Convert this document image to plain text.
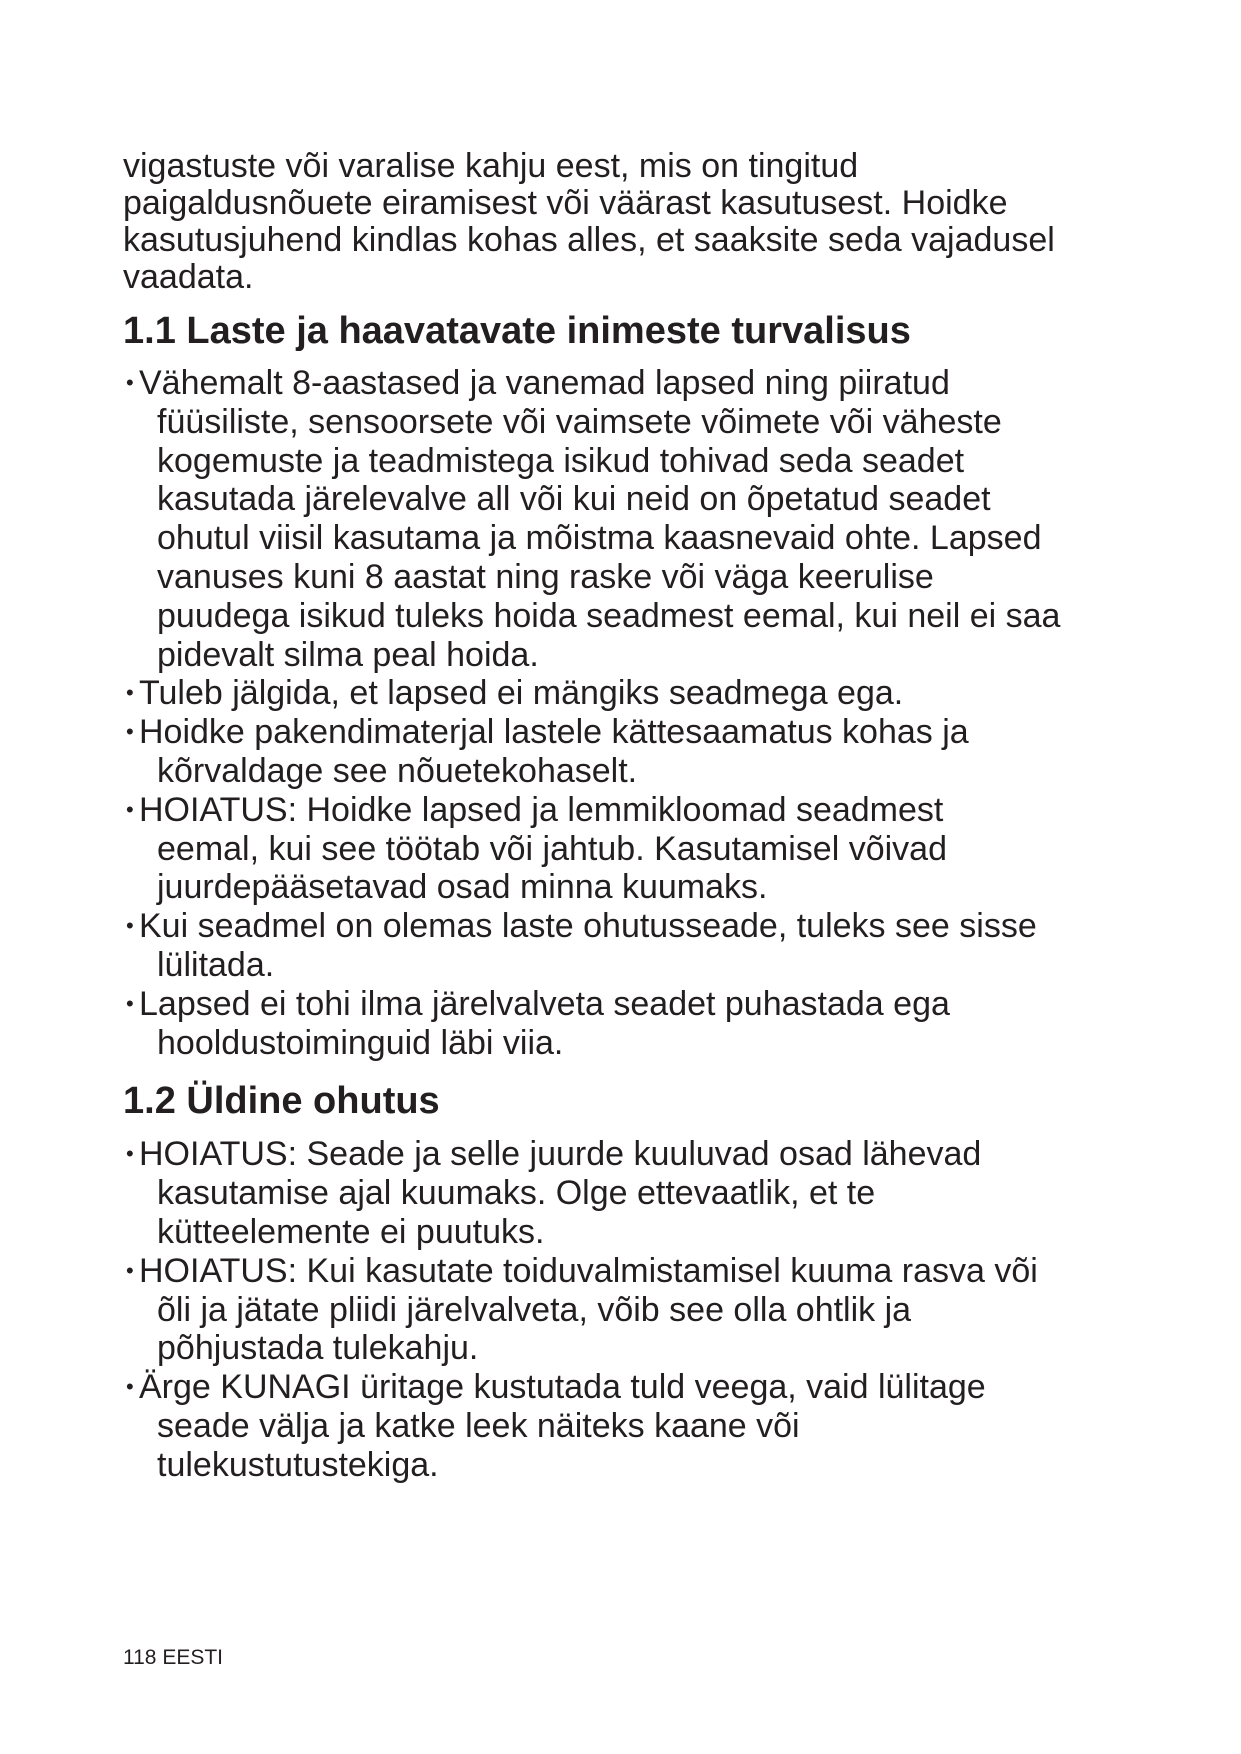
vigastuste või varalise kahju eest, mis on tingitud
paigaldusnõuete eiramisest või väärast kasutusest. Hoidke
kasutusjuhend kindlas kohas alles, et saaksite seda vajadusel
vaadata.

1.1 Laste ja haavatavate inimeste turvalisus
• Vähemalt 8-aastased ja vanemad lapsed ning piiratud
füüsiliste, sensoorsete või vaimsete võimete või väheste
kogemuste ja teadmistega isikud tohivad seda seadet
kasutada järelevalve all või kui neid on õpetatud seadet
ohutul viisil kasutama ja mõistma kaasnevaid ohte. Lapsed
vanuses kuni 8 aastat ning raske või väga keerulise
puudega isikud tuleks hoida seadmest eemal, kui neil ei saa
pidevalt silma peal hoida.
• Tuleb jälgida, et lapsed ei mängiks seadmega ega.
• Hoidke pakendimaterjal lastele kättesaamatus kohas ja
kõrvaldage see nõuetekohaselt.
• HOIATUS: Hoidke lapsed ja lemmikloomad seadmest
eemal, kui see töötab või jahtub. Kasutamisel võivad
juurdepääsetavad osad minna kuumaks.
• Kui seadmel on olemas laste ohutusseade, tuleks see sisse
lülitada.
• Lapsed ei tohi ilma järelvalveta seadet puhastada ega
hooldustoiminguid läbi viia.
1.2 Üldine ohutus
• HOIATUS: Seade ja selle juurde kuuluvad osad lähevad
kasutamise ajal kuumaks. Olge ettevaatlik, et te
kütteelemente ei puutuks.
• HOIATUS: Kui kasutate toiduvalmistamisel kuuma rasva või
õli ja jätate pliidi järelvalveta, võib see olla ohtlik ja
põhjustada tulekahju.
• Ärge KUNAGI üritage kustutada tuld veega, vaid lülitage
seade välja ja katke leek näiteks kaane või
tulekustutustekiga.

118 EESTI
